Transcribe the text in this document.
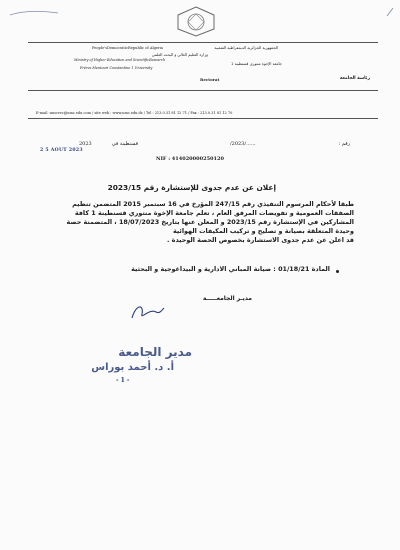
People'sDemocraticRepublic of Algeria	الجمهورية الجزائرية الديمقراطية الشعبية
وزارة التعليم العالي و البحث العلمي
Ministry of Higher Education and ScientificResearch
جامعة الإخوة منتوري قسنطينة 1
Frères Mentouri Constantine 1 University
Rectorat	رئاسة الجامعة
E-mail :unscrec@umc.edu.com / site web : www.umc.edu.dz / Tel : 213.0.31 81 12 71 / Fax : 213.0.31 81 12 70
رقم :
/2023/......
قسنطينة في
2023
2 5 AOUT 2023
NIF : 414020000250120
إعلان عن عدم جدوى للإستشارة رقم 2023/15
طبقا لأحكام المرسوم التنفيذي رقم 247/15 المؤرخ في 16 سبتمبر 2015 المتضمن تنظيم
الصفقات العمومية و تفويضات المرفق العام ، تعلم جامعة الإخوة منتوري قسنطينة 1 كافة
المشاركين في الإستشارة رقم 2023/15 و المعلن عنها بتاريخ 18/07/2023 ، المتضمنة حصة
وحيدة المتعلقة بصيانة و تصليح و تركيب المكيفات الهوائية
قد اعلن عن عدم جدوى الاستشارة بخصوص الحصة الوحيدة .
المادة 01/18/21 : صيانة المباني الادارية و البيداغوجية و البحثية
مديـر الجامعـــــة
مدير الجامعة
أ. د. أحمد بوراس
- 1 -
